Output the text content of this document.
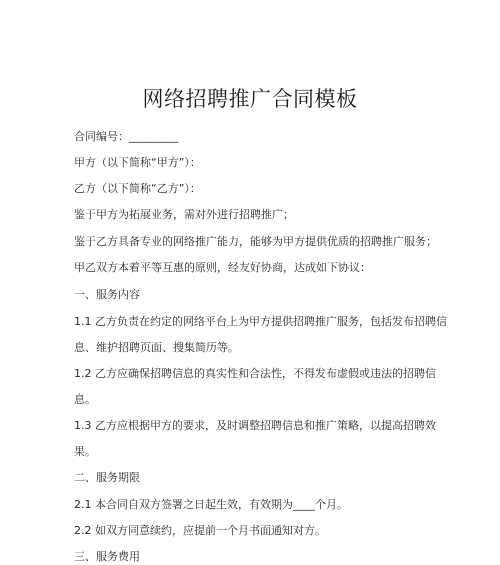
网络招聘推广合同模板
合同编号：_________
甲方（以下简称“甲方”）：
乙方（以下简称“乙方”）：
鉴于甲方为拓展业务，需对外进行招聘推广；
鉴于乙方具备专业的网络推广能力，能够为甲方提供优质的招聘推广服务；
甲乙双方本着平等互惠的原则，经友好协商，达成如下协议：
一、服务内容
1.1 乙方负责在约定的网络平台上为甲方提供招聘推广服务，包括发布招聘信
息、维护招聘页面、搜集简历等。
1.2 乙方应确保招聘信息的真实性和合法性，不得发布虚假或违法的招聘信
息。
1.3 乙方应根据甲方的要求，及时调整招聘信息和推广策略，以提高招聘效
果。
二、服务期限
2.1 本合同自双方签署之日起生效，有效期为____个月。
2.2 如双方同意续约，应提前一个月书面通知对方。
三、服务费用
